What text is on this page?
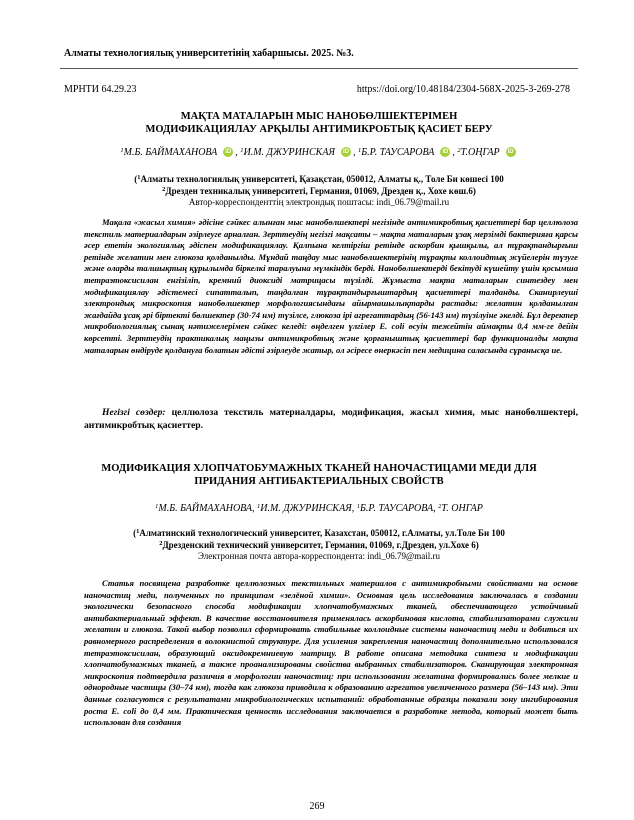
Алматы технологиялық университетінің хабаршысы. 2025. №3.
МРНТИ 64.29.23	https://doi.org/10.48184/2304-568X-2025-3-269-278
МАҚТА МАТАЛАРЫН МЫС НАНОБӨЛШЕКТЕРІМЕН
МОДИФИКАЦИЯЛАУ АРҚЫЛЫ АНТИМИКРОБТЫҚ ҚАСИЕТ БЕРУ
$^1$М.Б. БАЙМАХАНОВА iD , $^1$И.М. ДЖУРИНСКАЯ iD , $^1$Б.Р. ТАУСАРОВА iD , $^2$Т.ОҢГАР iD
($^1$Алматы технологиялық университеті, Қазақстан, 050012, Алматы қ., Толе Би көшесі 100
$^2$Дрезден техникалық университеті, Германия, 01069, Дрезден қ., Хохе көш.6)
Автор-корреспонденттің электрондық поштасы: indi_06.79@mail.ru

Мақала «жасыл химия» әдісіне сәйкес алынған мыс нанобөлшектері негізінде антимикробтық қасиеттері бар целлюлоза текстиль материалдарын әзірлеуге арналған. Зерттеудің негізгі мақсаты – мақта маталарын ұзақ мерзімді бактерияға қарсы әсер ететін экологиялық әдіспен модификациялау. Қалпына келтіргіш ретінде аскорбин қышқылы, ал тұрақтандырғыш ретінде желатин мен глюкоза қолданылды. Мұндай таңдау мыс нанобөлшектерінің тұрақты коллоидтық жүйелерін түзуге және оларды талшықтың құрылымда біркелкі таралуына мүмкіндік берді. Нанобөлшектерді бекітуді күшейту үшін қосымша тетраэтоксисилан енгізіліп, кремний диоксиді матрицасы түзілді. Жұмыста мақта маталарын синтездеу мен модификациялау әдістемесі сипатталып, таңдалған тұрақтандырғыштардың қасиеттері талданды. Сканирлеуші электрондық микроскопия нанобөлшектер морфологиясындағы айырмашылықтарды растады: желатин қолданылған жағдайда ұсақ әрі біртекті бөлшектер (30-74 нм) түзілсе, глюкоза ірі агрегаттардың (56-143 нм) түзілуіне әкелді. Бұл деректер микробиологиялық сынақ нәтижелерімен сәйкес келеді: өңделген үлгілер E. coli өсуін тежейтін аймақты 0,4 мм-ге дейін көрсетті. Зерттеудің практикалық маңызы антимикробтық және қорғаныштық қасиеттері бар функционалды мақта маталарын өндіруде қолдануға болатын әдісті әзірлеуде жатыр, ол әсіресе өнеркәсіп пен медицина саласында сұранысқа ие.

Негізгі сөздер: целлюлоза текстиль материалдары, модификация, жасыл химия, мыс нанобөлшектері, антимикробтық қасиеттер.

МОДИФИКАЦИЯ ХЛОПЧАТОБУМАЖНЫХ ТКАНЕЙ НАНОЧАСТИЦАМИ МЕДИ ДЛЯ
ПРИДАНИЯ АНТИБАКТЕРИАЛЬНЫХ СВОЙСТВ
$^1$М.Б. БАЙМАХАНОВА, $^1$И.М. ДЖУРИНСКАЯ, $^1$Б.Р. ТАУСАРОВА, $^2$Т. ОНГАР
($^1$Алматинский технологический университет, Казахстан, 050012, г.Алматы, ул.Толе Би 100
$^2$Дрезденский технический университет, Германия, 01069, г.Дрезден, ул.Хохе 6)
Электронная почта автора-корреспондента: indi_06.79@mail.ru

Статья посвящена разработке целлюлозных текстильных материалов с антимикробными свойствами на основе наночастиц меди, полученных по принципам «зелёной химии». Основная цель исследования заключалась в создании экологически безопасного способа модификации хлопчатобумажных тканей, обеспечивающего устойчивый антибактериальный эффект. В качестве восстановителя применялась аскорбиновая кислота, стабилизаторами служили желатин и глюкоза. Такой выбор позволил сформировать стабильные коллоидные системы наночастиц меди и добиться их равномерного распределения в волокнистой структуре. Для усиления закрепления наночастиц дополнительно использовался тетраэтоксисилан, образующий оксидокремниевую матрицу. В работе описана методика синтеза и модификации хлопчатобумажных тканей, а также проанализированы свойства выбранных стабилизаторов. Сканирующая электронная микроскопия подтвердила различия в морфологии наночастиц: при использовании желатина формировались более мелкие и однородные частицы (30–74 нм), тогда как глюкоза приводила к образованию агрегатов увеличенного размера (56–143 нм). Эти данные согласуются с результатами микробиологических испытаний: обработанные образцы показали зону ингибирования роста E. coli до 0,4 мм. Практическая ценность исследования заключается в разработке метода, который может быть использован для создания

269
